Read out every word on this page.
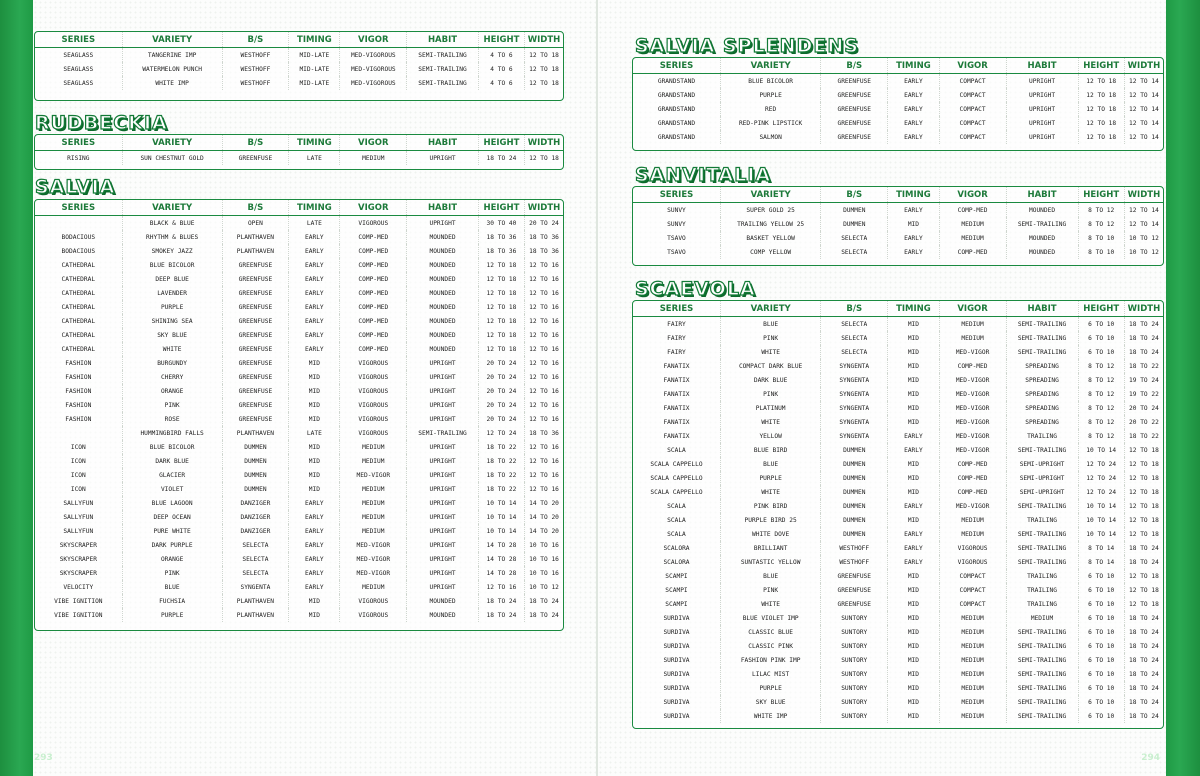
SERIES	VARIETY	B/S	TIMING	VIGOR	HABIT	HEIGHT	WIDTH
SEAGLASS	TANGERINE IMP	WESTHOFF	MID-LATE	MED-VIGOROUS	SEMI-TRAILING	4 TO 6	12 TO 18
SEAGLASS	WATERMELON PUNCH	WESTHOFF	MID-LATE	MED-VIGOROUS	SEMI-TRAILING	4 TO 6	12 TO 18
SEAGLASS	WHITE IMP	WESTHOFF	MID-LATE	MED-VIGOROUS	SEMI-TRAILING	4 TO 6	12 TO 18
RUDBECKIA
SERIES	VARIETY	B/S	TIMING	VIGOR	HABIT	HEIGHT	WIDTH
RISING	SUN CHESTNUT GOLD	GREENFUSE	LATE	MEDIUM	UPRIGHT	18 TO 24	12 TO 18
SALVIA
SERIES	VARIETY	B/S	TIMING	VIGOR	HABIT	HEIGHT	WIDTH
	BLACK & BLUE	OPEN	LATE	VIGOROUS	UPRIGHT	30 TO 40	20 TO 24
BODACIOUS	RHYTHM & BLUES	PLANTHAVEN	EARLY	COMP-MED	MOUNDED	18 TO 36	18 TO 36
BODACIOUS	SMOKEY JAZZ	PLANTHAVEN	EARLY	COMP-MED	MOUNDED	18 TO 36	18 TO 36
CATHEDRAL	BLUE BICOLOR	GREENFUSE	EARLY	COMP-MED	MOUNDED	12 TO 18	12 TO 16
CATHEDRAL	DEEP BLUE	GREENFUSE	EARLY	COMP-MED	MOUNDED	12 TO 18	12 TO 16
CATHEDRAL	LAVENDER	GREENFUSE	EARLY	COMP-MED	MOUNDED	12 TO 18	12 TO 16
CATHEDRAL	PURPLE	GREENFUSE	EARLY	COMP-MED	MOUNDED	12 TO 18	12 TO 16
CATHEDRAL	SHINING SEA	GREENFUSE	EARLY	COMP-MED	MOUNDED	12 TO 18	12 TO 16
CATHEDRAL	SKY BLUE	GREENFUSE	EARLY	COMP-MED	MOUNDED	12 TO 18	12 TO 16
CATHEDRAL	WHITE	GREENFUSE	EARLY	COMP-MED	MOUNDED	12 TO 18	12 TO 16
FASHION	BURGUNDY	GREENFUSE	MID	VIGOROUS	UPRIGHT	20 TO 24	12 TO 16
FASHION	CHERRY	GREENFUSE	MID	VIGOROUS	UPRIGHT	20 TO 24	12 TO 16
FASHION	ORANGE	GREENFUSE	MID	VIGOROUS	UPRIGHT	20 TO 24	12 TO 16
FASHION	PINK	GREENFUSE	MID	VIGOROUS	UPRIGHT	20 TO 24	12 TO 16
FASHION	ROSE	GREENFUSE	MID	VIGOROUS	UPRIGHT	20 TO 24	12 TO 16
	HUMMINGBIRD FALLS	PLANTHAVEN	LATE	VIGOROUS	SEMI-TRAILING	12 TO 24	18 TO 36
ICON	BLUE BICOLOR	DUMMEN	MID	MEDIUM	UPRIGHT	18 TO 22	12 TO 16
ICON	DARK BLUE	DUMMEN	MID	MEDIUM	UPRIGHT	18 TO 22	12 TO 16
ICON	GLACIER	DUMMEN	MID	MED-VIGOR	UPRIGHT	18 TO 22	12 TO 16
ICON	VIOLET	DUMMEN	MID	MEDIUM	UPRIGHT	18 TO 22	12 TO 16
SALLYFUN	BLUE LAGOON	DANZIGER	EARLY	MEDIUM	UPRIGHT	10 TO 14	14 TO 20
SALLYFUN	DEEP OCEAN	DANZIGER	EARLY	MEDIUM	UPRIGHT	10 TO 14	14 TO 20
SALLYFUN	PURE WHITE	DANZIGER	EARLY	MEDIUM	UPRIGHT	10 TO 14	14 TO 20
SKYSCRAPER	DARK PURPLE	SELECTA	EARLY	MED-VIGOR	UPRIGHT	14 TO 28	10 TO 16
SKYSCRAPER	ORANGE	SELECTA	EARLY	MED-VIGOR	UPRIGHT	14 TO 28	10 TO 16
SKYSCRAPER	PINK	SELECTA	EARLY	MED-VIGOR	UPRIGHT	14 TO 28	10 TO 16
VELOCITY	BLUE	SYNGENTA	EARLY	MEDIUM	UPRIGHT	12 TO 16	10 TO 12
VIBE IGNITION	FUCHSIA	PLANTHAVEN	MID	VIGOROUS	MOUNDED	18 TO 24	18 TO 24
VIBE IGNITION	PURPLE	PLANTHAVEN	MID	VIGOROUS	MOUNDED	18 TO 24	18 TO 24
SALVIA SPLENDENS
SERIES	VARIETY	B/S	TIMING	VIGOR	HABIT	HEIGHT	WIDTH
GRANDSTAND	BLUE BICOLOR	GREENFUSE	EARLY	COMPACT	UPRIGHT	12 TO 18	12 TO 14
GRANDSTAND	PURPLE	GREENFUSE	EARLY	COMPACT	UPRIGHT	12 TO 18	12 TO 14
GRANDSTAND	RED	GREENFUSE	EARLY	COMPACT	UPRIGHT	12 TO 18	12 TO 14
GRANDSTAND	RED-PINK LIPSTICK	GREENFUSE	EARLY	COMPACT	UPRIGHT	12 TO 18	12 TO 14
GRANDSTAND	SALMON	GREENFUSE	EARLY	COMPACT	UPRIGHT	12 TO 18	12 TO 14
SANVITALIA
SERIES	VARIETY	B/S	TIMING	VIGOR	HABIT	HEIGHT	WIDTH
SUNVY	SUPER GOLD 25	DUMMEN	EARLY	COMP-MED	MOUNDED	8 TO 12	12 TO 14
SUNVY	TRAILING YELLOW 25	DUMMEN	MID	MEDIUM	SEMI-TRAILING	8 TO 12	12 TO 14
TSAVO	BASKET YELLOW	SELECTA	EARLY	MEDIUM	MOUNDED	8 TO 10	10 TO 12
TSAVO	COMP YELLOW	SELECTA	EARLY	COMP-MED	MOUNDED	8 TO 10	10 TO 12
SCAEVOLA
SERIES	VARIETY	B/S	TIMING	VIGOR	HABIT	HEIGHT	WIDTH
FAIRY	BLUE	SELECTA	MID	MEDIUM	SEMI-TRAILING	6 TO 10	18 TO 24
FAIRY	PINK	SELECTA	MID	MEDIUM	SEMI-TRAILING	6 TO 10	18 TO 24
FAIRY	WHITE	SELECTA	MID	MED-VIGOR	SEMI-TRAILING	6 TO 10	18 TO 24
FANATIX	COMPACT DARK BLUE	SYNGENTA	MID	COMP-MED	SPREADING	8 TO 12	18 TO 22
FANATIX	DARK BLUE	SYNGENTA	MID	MED-VIGOR	SPREADING	8 TO 12	19 TO 24
FANATIX	PINK	SYNGENTA	MID	MED-VIGOR	SPREADING	8 TO 12	19 TO 22
FANATIX	PLATINUM	SYNGENTA	MID	MED-VIGOR	SPREADING	8 TO 12	20 TO 24
FANATIX	WHITE	SYNGENTA	MID	MED-VIGOR	SPREADING	8 TO 12	20 TO 22
FANATIX	YELLOW	SYNGENTA	EARLY	MED-VIGOR	TRAILING	8 TO 12	18 TO 22
SCALA	BLUE BIRD	DUMMEN	EARLY	MED-VIGOR	SEMI-TRAILING	10 TO 14	12 TO 18
SCALA CAPPELLO	BLUE	DUMMEN	MID	COMP-MED	SEMI-UPRIGHT	12 TO 24	12 TO 18
SCALA CAPPELLO	PURPLE	DUMMEN	MID	COMP-MED	SEMI-UPRIGHT	12 TO 24	12 TO 18
SCALA CAPPELLO	WHITE	DUMMEN	MID	COMP-MED	SEMI-UPRIGHT	12 TO 24	12 TO 18
SCALA	PINK BIRD	DUMMEN	EARLY	MED-VIGOR	SEMI-TRAILING	10 TO 14	12 TO 18
SCALA	PURPLE BIRD 25	DUMMEN	MID	MEDIUM	TRAILING	10 TO 14	12 TO 18
SCALA	WHITE DOVE	DUMMEN	EARLY	MEDIUM	SEMI-TRAILING	10 TO 14	12 TO 18
SCALORA	BRILLIANT	WESTHOFF	EARLY	VIGOROUS	SEMI-TRAILING	8 TO 14	18 TO 24
SCALORA	SUNTASTIC YELLOW	WESTHOFF	EARLY	VIGOROUS	SEMI-TRAILING	8 TO 14	18 TO 24
SCAMPI	BLUE	GREENFUSE	MID	COMPACT	TRAILING	6 TO 10	12 TO 18
SCAMPI	PINK	GREENFUSE	MID	COMPACT	TRAILING	6 TO 10	12 TO 18
SCAMPI	WHITE	GREENFUSE	MID	COMPACT	TRAILING	6 TO 10	12 TO 18
SURDIVA	BLUE VIOLET IMP	SUNTORY	MID	MEDIUM	MEDIUM	6 TO 10	18 TO 24
SURDIVA	CLASSIC BLUE	SUNTORY	MID	MEDIUM	SEMI-TRAILING	6 TO 10	18 TO 24
SURDIVA	CLASSIC PINK	SUNTORY	MID	MEDIUM	SEMI-TRAILING	6 TO 10	18 TO 24
SURDIVA	FASHION PINK IMP	SUNTORY	MID	MEDIUM	SEMI-TRAILING	6 TO 10	18 TO 24
SURDIVA	LILAC MIST	SUNTORY	MID	MEDIUM	SEMI-TRAILING	6 TO 10	18 TO 24
SURDIVA	PURPLE	SUNTORY	MID	MEDIUM	SEMI-TRAILING	6 TO 10	18 TO 24
SURDIVA	SKY BLUE	SUNTORY	MID	MEDIUM	SEMI-TRAILING	6 TO 10	18 TO 24
SURDIVA	WHITE IMP	SUNTORY	MID	MEDIUM	SEMI-TRAILING	6 TO 10	18 TO 24
293	294
